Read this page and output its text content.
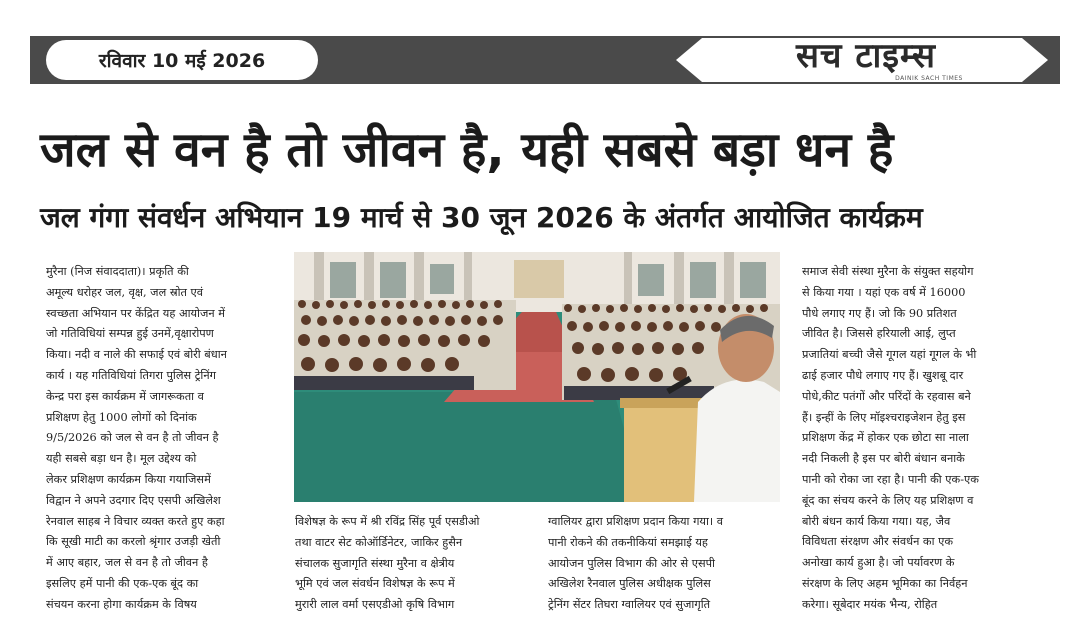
रविवार 10 मई 2026	सच टाइम्स
DAINIK SACH TIMES
जल से वन है तो जीवन है, यही सबसे बड़ा धन है
जल गंगा संवर्धन अभियान 19 मार्च से 30 जून 2026 के अंतर्गत आयोजित कार्यक्रम

मुरैना (निज संवाददाता)। प्रकृति की

अमूल्य धरोहर जल, वृक्ष, जल स्रोत एवं

स्वच्छता अभियान पर केंद्रित यह आयोजन में

जो गतिविधियां सम्पन्न हुई उनमें,वृक्षारोपण

किया। नदी व नाले की सफाई एवं बोरी बंधान

कार्य । यह गतिविधियां तिगरा पुलिस ट्रेनिंग

केन्द्र परा इस कार्यक्रम में जागरूकता व

प्रशिक्षण हेतु 1000 लोगों को दिनांक

9/5/2026 को जल से वन है तो जीवन है

यही सबसे बड़ा धन है। मूल उद्देश्य को

लेकर प्रशिक्षण कार्यक्रम किया गयाजिसमें

विद्वान ने अपने उदगार दिए एसपी अखिलेश

रेनवाल साहब ने विचार व्यक्त करते हुए कहा

कि सूखी माटी का करलो श्रृंगार उजड़ी खेती

में आए बहार, जल से वन है तो जीवन है

इसलिए हमें पानी की एक-एक बूंद का

संचयन करना होगा कार्यक्रम के विषय

विशेषज्ञ के रूप में श्री रविंद्र सिंह पूर्व एसडीओ

तथा वाटर सेट कोऑर्डिनेटर, जाकिर हुसैन

संचालक सुजागृति संस्था मुरैना व क्षेत्रीय

भूमि एवं जल संवर्धन विशेषज्ञ के रूप में

मुरारी लाल वर्मा एसएडीओ कृषि विभाग

ग्वालियर द्वारा प्रशिक्षण प्रदान किया गया। व

पानी रोकने की तकनीकियां समझाई यह

आयोजन पुलिस विभाग की ओर से एसपी

अखिलेश रैनवाल पुलिस अधीक्षक पुलिस

ट्रेनिंग सेंटर तिघरा ग्वालियर एवं सुजागृति

समाज सेवी संस्था मुरैना के संयुक्त सहयोग

से किया गया । यहां एक वर्ष में 16000

पौधे लगाए गए हैं। जो कि 90 प्रतिशत

जीवित है। जिससे हरियाली आई, लुप्त

प्रजातियां बच्ची जैसे गूगल यहां गूगल के भी

ढाई हजार पौधे लगाए गए हैं। खुशबू दार

पोधे,कीट पतंगों और परिंदों के रहवास बने

हैं। इन्हीं के लिए मॉइश्चराइजेशन हेतु इस

प्रशिक्षण केंद्र में होकर एक छोटा सा नाला

नदी निकली है इस पर बोरी बंधान बनाके

पानी को रोका जा रहा है। पानी की एक-एक

बूंद का संचय करने के लिए यह प्रशिक्षण व

बोरी बंधन कार्य किया गया। यह, जैव

विविधता संरक्षण और संवर्धन का एक

अनोखा कार्य हुआ है। जो पर्यावरण के

संरक्षण के लिए अहम भूमिका का निर्वहन

करेगा। सूबेदार मयंक भैन्य, रोहित
